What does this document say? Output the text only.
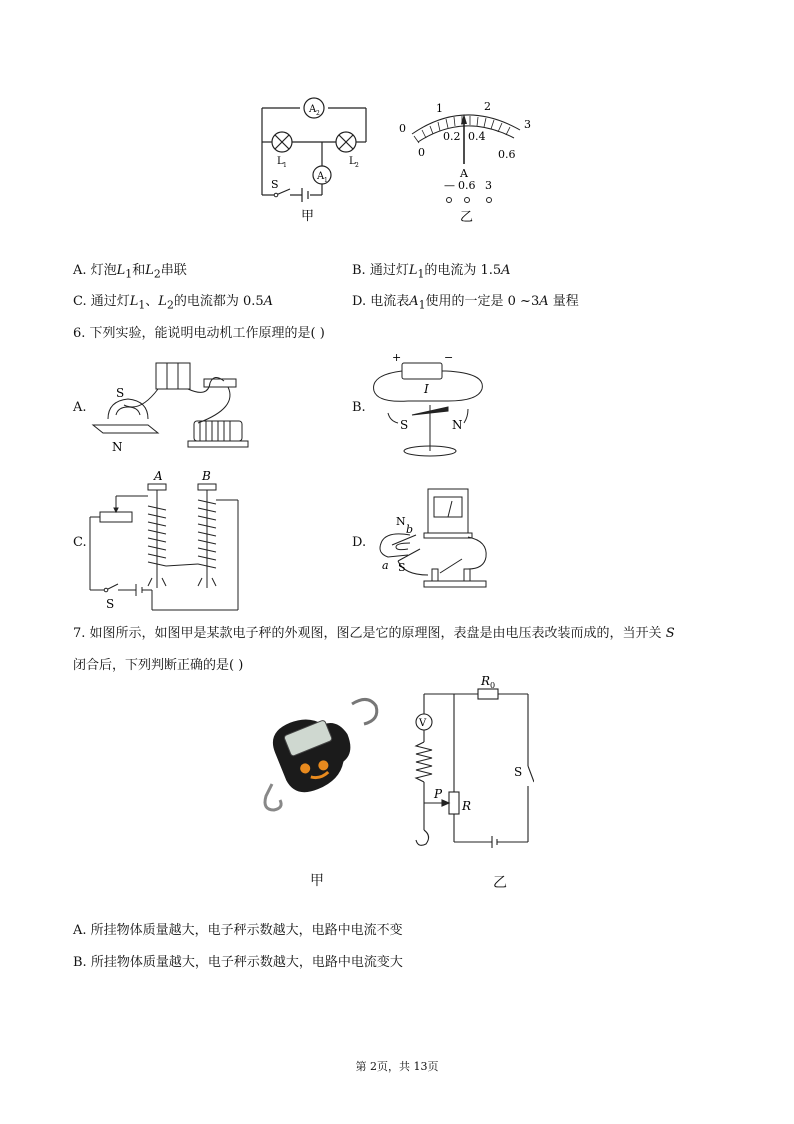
A 2
A 1
L 1	L 2
S
甲
0
1	2
3
0
0.2 0.4
0.6
A
— 0.6 3
乙
A. 灯泡$L_1$和$L_2$串联	B. 通过灯$L_1$的电流为 1.5A
C. 通过灯$L_1$、$L_2$的电流都为 0.5A	D. 电流表$A_1$使用的一定是 0 ~3A 量程
6. 下列实验，能说明电动机工作原理的是( )
A.
S
N
B.
+	−
I
S	N
C.
A	B
S
D.
N
b
a S
7. 如图所示，如图甲是某款电子秤的外观图，图乙是它的原理图，表盘是由电压表改装而成的，当开关 S
闭合后，下列判断正确的是( )
甲
R 0
V
P
R
S
乙
A. 所挂物体质量越大，电子秤示数越大，电路中电流不变
B. 所挂物体质量越大，电子秤示数越大，电路中电流变大
第 2页，共 13页
